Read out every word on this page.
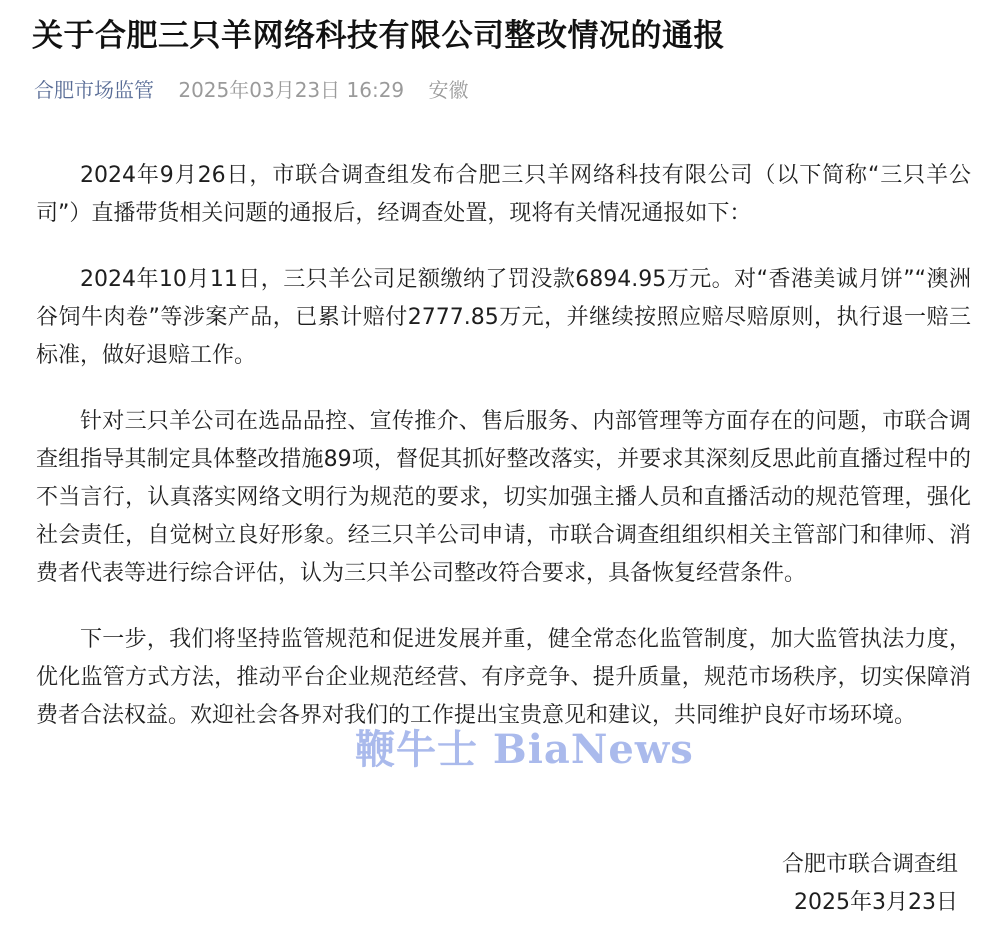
关于合肥三只羊网络科技有限公司整改情况的通报
合肥市场监管 2025年03月23日 16:29 安徽

2024年9月26日，市联合调查组发布合肥三只羊网络科技有限公司（以下简称“三只羊公司”）直播带货相关问题的通报后，经调查处置，现将有关情况通报如下：

2024年10月11日，三只羊公司足额缴纳了罚没款6894.95万元。对“香港美诚月饼”“澳洲谷饲牛肉卷”等涉案产品，已累计赔付2777.85万元，并继续按照应赔尽赔原则，执行退一赔三标准，做好退赔工作。

针对三只羊公司在选品品控、宣传推介、售后服务、内部管理等方面存在的问题，市联合调查组指导其制定具体整改措施89项，督促其抓好整改落实，并要求其深刻反思此前直播过程中的不当言行，认真落实网络文明行为规范的要求，切实加强主播人员和直播活动的规范管理，强化社会责任，自觉树立良好形象。经三只羊公司申请，市联合调查组组织相关主管部门和律师、消费者代表等进行综合评估，认为三只羊公司整改符合要求，具备恢复经营条件。

下一步，我们将坚持监管规范和促进发展并重，健全常态化监管制度，加大监管执法力度，优化监管方式方法，推动平台企业规范经营、有序竞争、提升质量，规范市场秩序，切实保障消费者合法权益。欢迎社会各界对我们的工作提出宝贵意见和建议，共同维护良好市场环境。

合肥市联合调查组
2025年3月23日
鞭牛士 BiaNews
